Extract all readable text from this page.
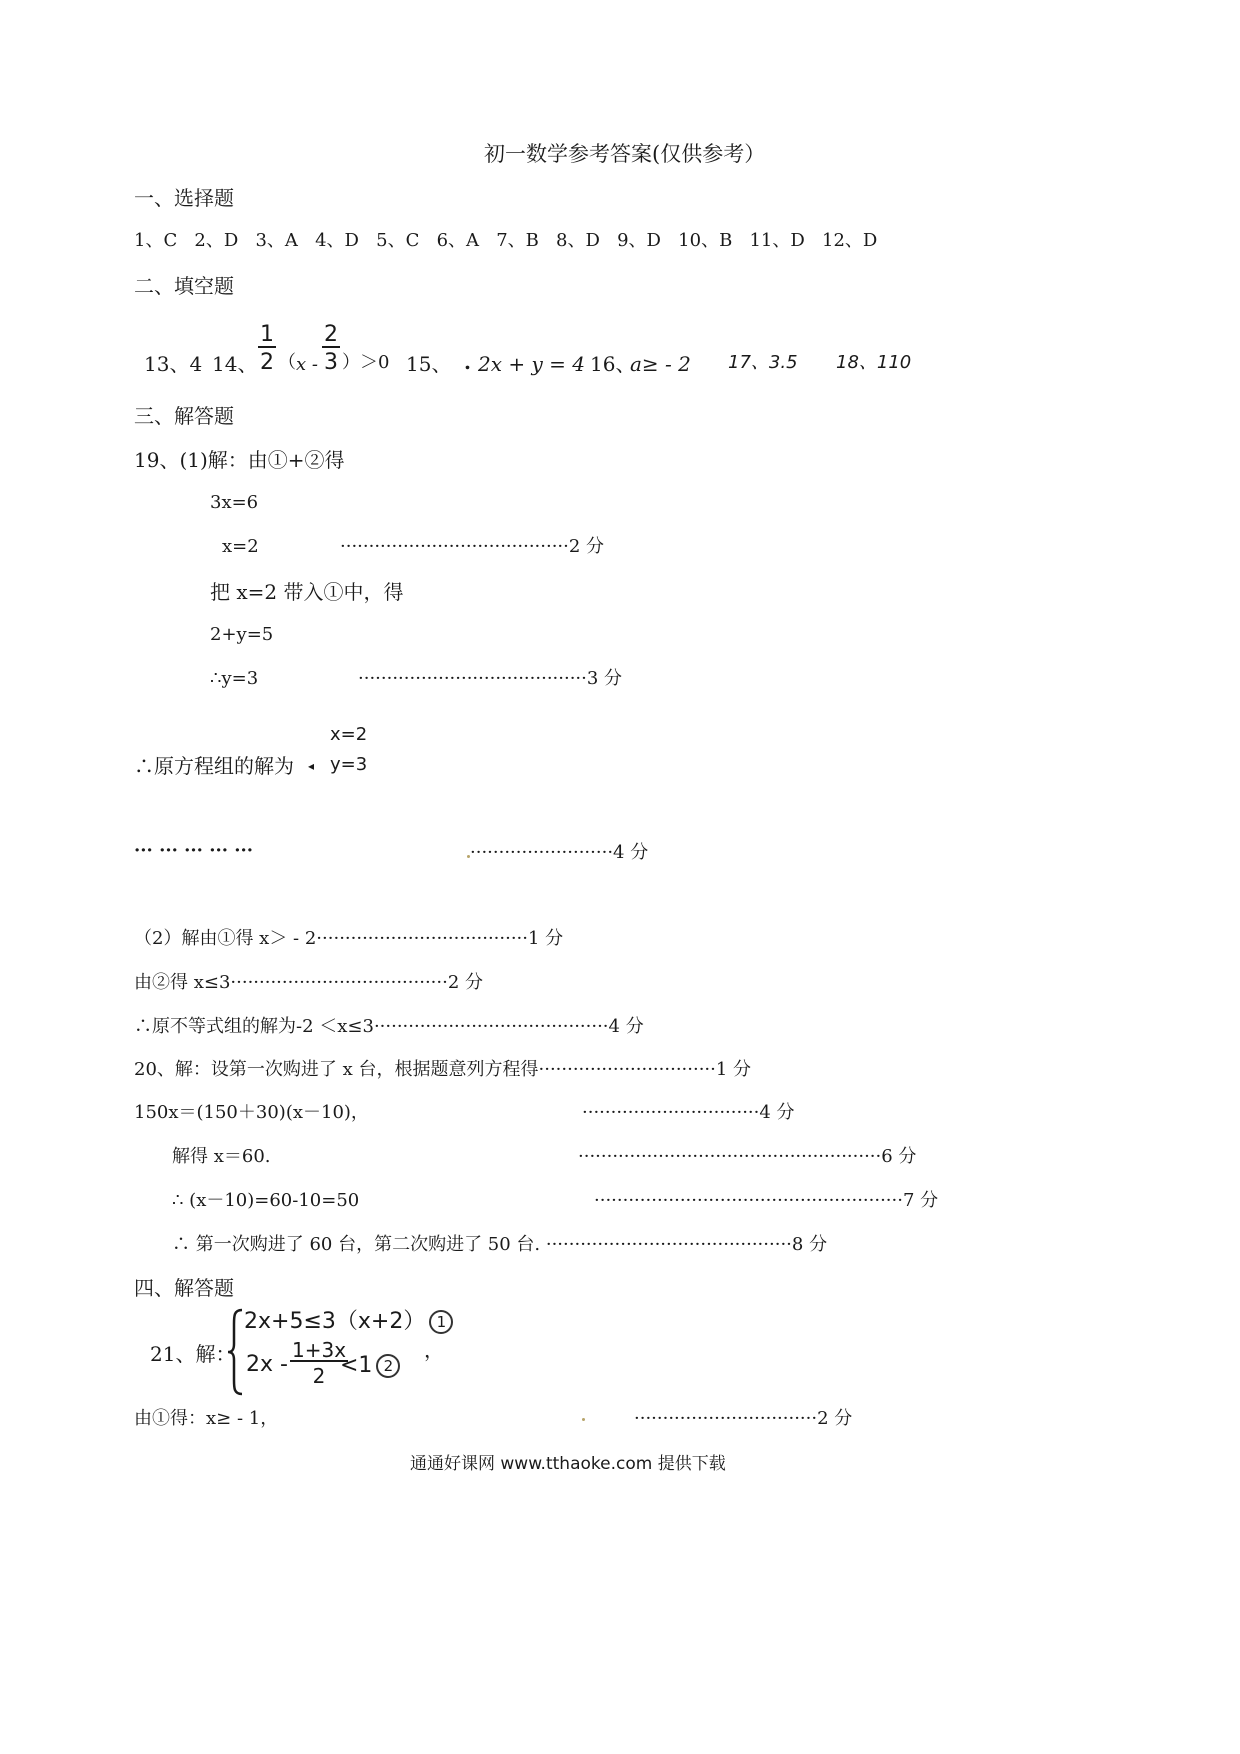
初一数学参考答案(仅供参考）
一、选择题
1、C 2、D 3、A 4、D 5、C 6、A 7、B 8、D 9、D 10、B 11、D 12、D
二、填空题
13、4 14、 $\frac{1}{2}$ （ $x - \frac{2}{3} )>0$ 15、 . 2x + y = 4 16、
a≥ - 2 17、3.5 18、110
三、解答题
19、(1)解：由①+②得
3x=6
x=2	········································2 分
把 x=2 带入①中，得
2+y=5
∴y=3	········································3 分
x=2
∴原方程组的解为 ◂ y=3
··· ··· ··· ··· ···	·························4 分
（2）解由①得 x＞ - 2·····································1 分
由②得 x≤3······································2 分
∴原不等式组的解为-2 ＜x≤3·········································4 分
20、解：设第一次购进了 x 台，根据题意列方程得·······························1 分
150x＝(150＋30)(x－10)，	·······························4 分
解得 x＝60.	·····················································6 分
∴ (x－10)=60-10=50	······················································7 分
∴ 第一次购进了 60 台，第二次购进了 50 台. ···········································8 分
四、解答题
21、解：
2x+5≤3（x+2） 1
$2x - \frac{1+3x}{2}$
<1 2
，
由①得：x≥ - 1，	································2 分
通通好课网 www.tthaoke.com 提供下载
